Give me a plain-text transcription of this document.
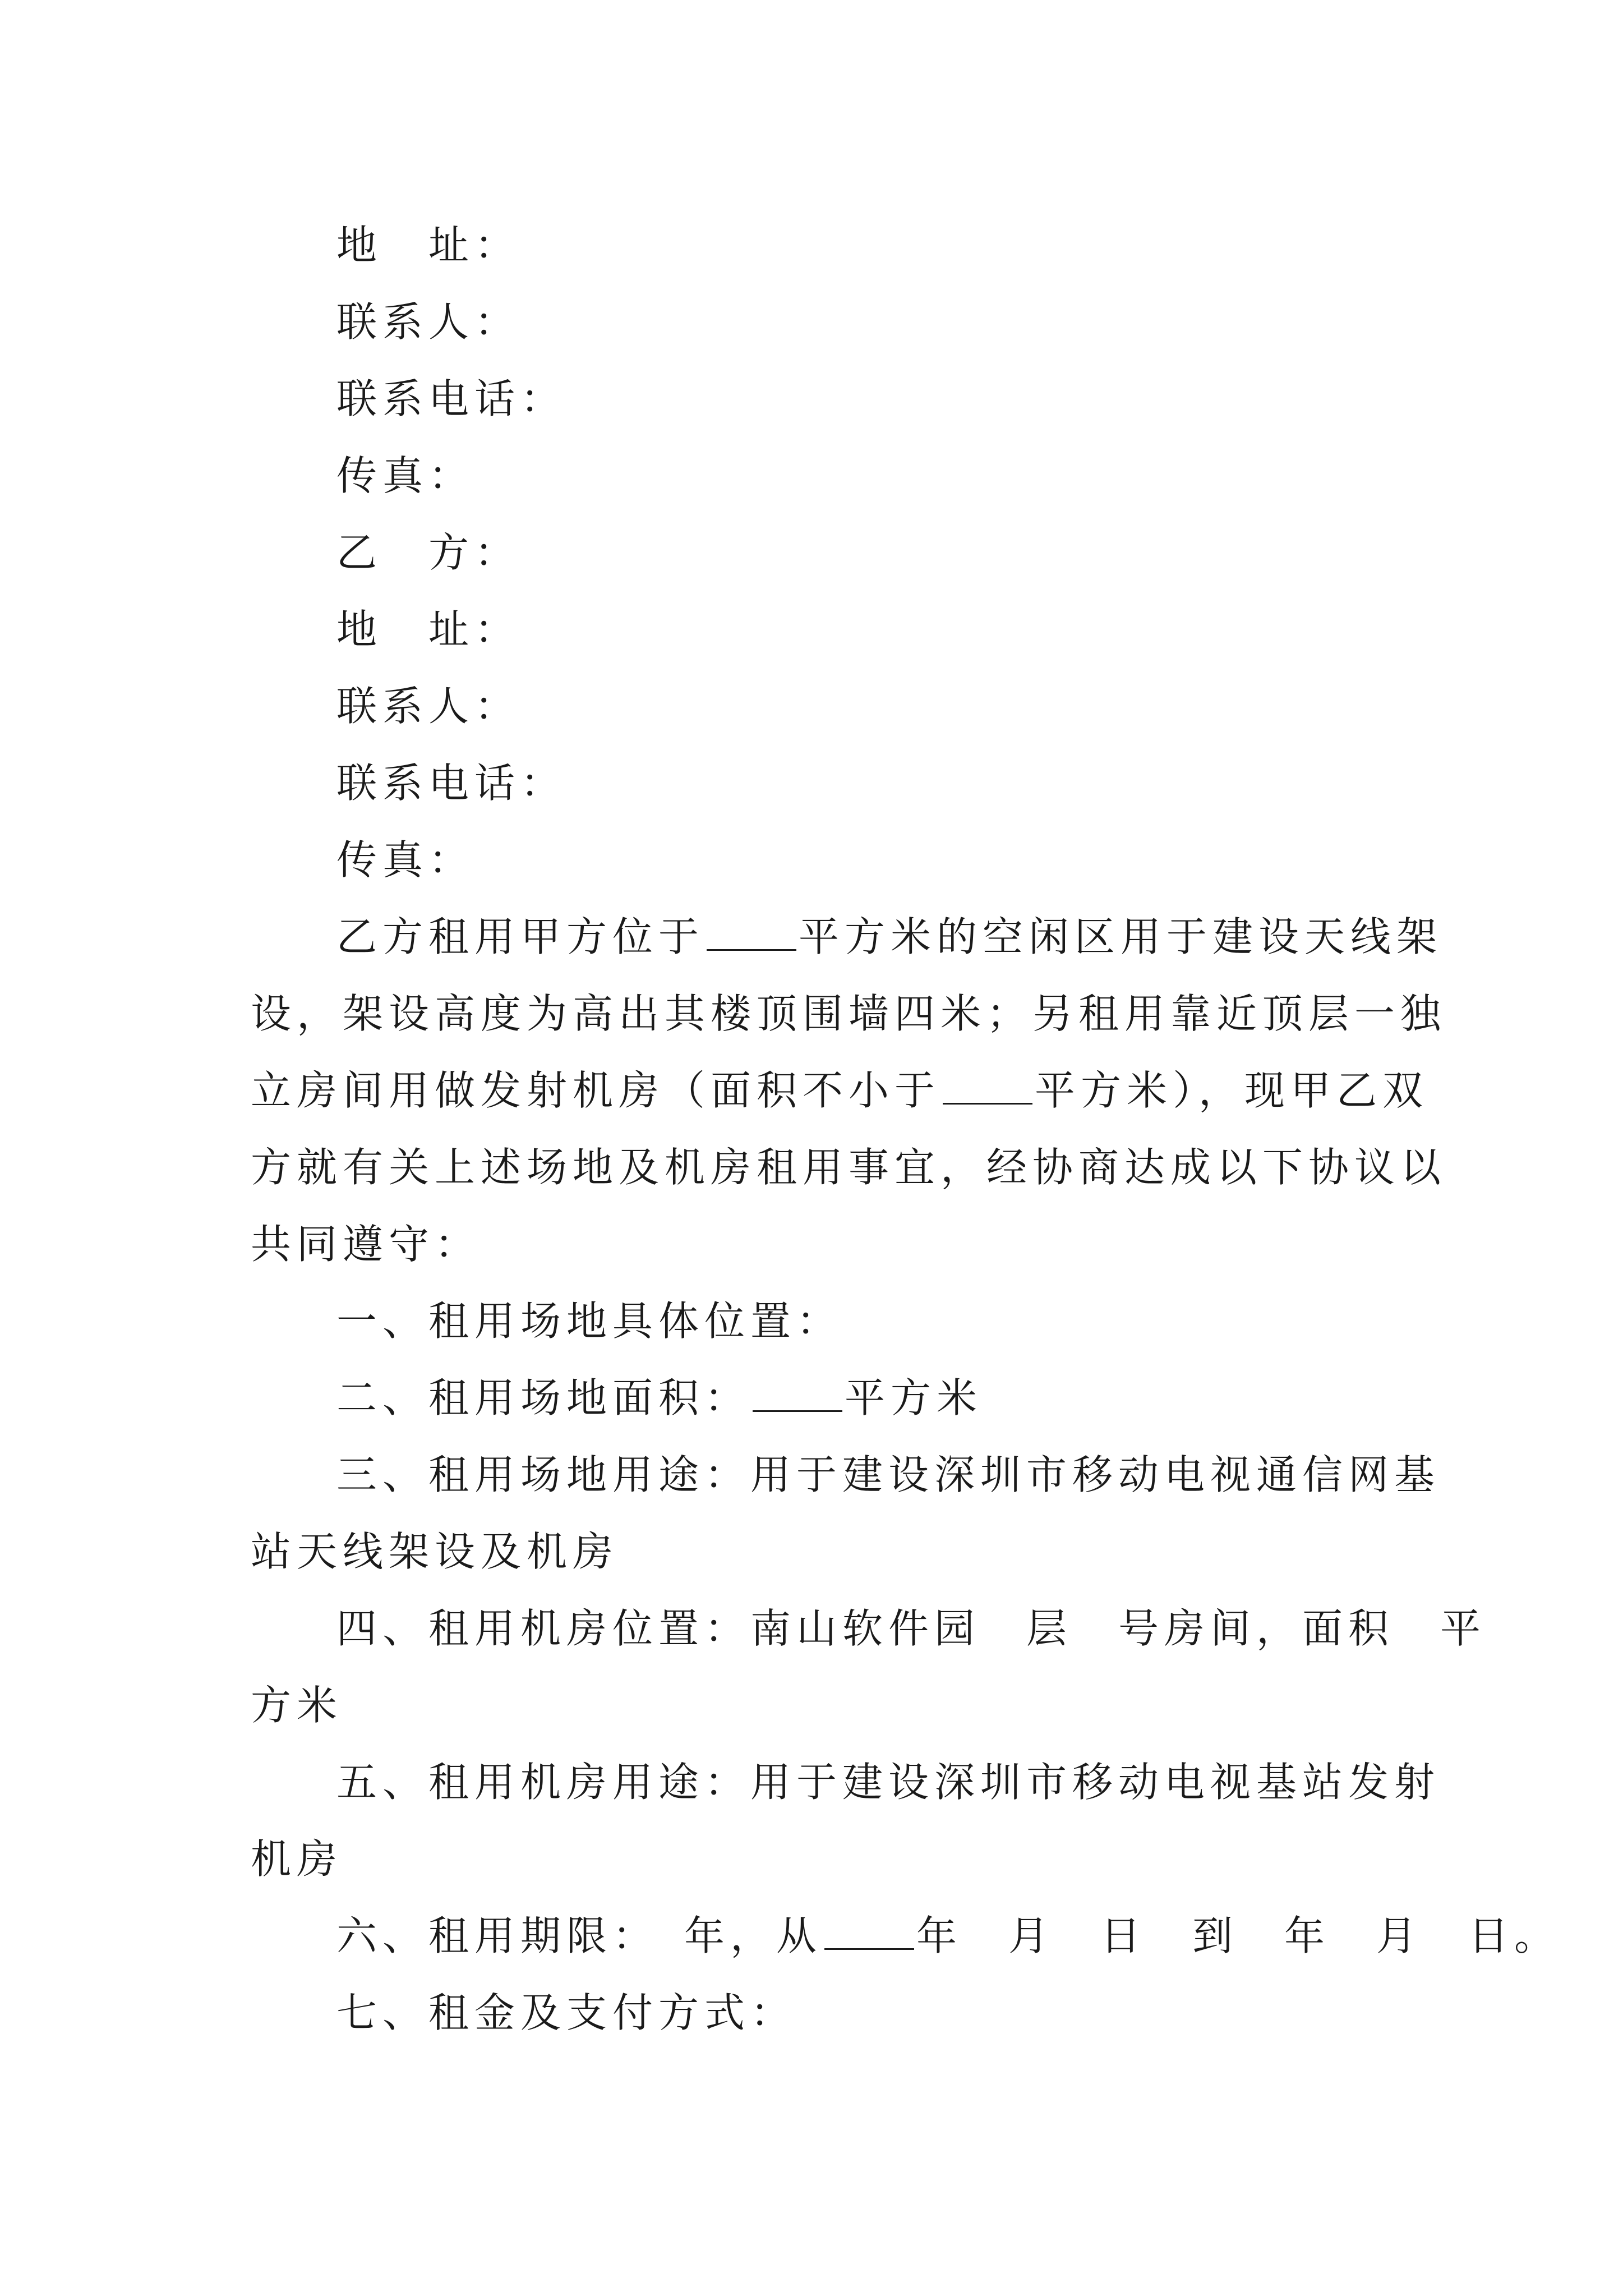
地　址：
联系人：
联系电话：
传真：
乙　方：
地　址：
联系人：
联系电话：
传真：
乙方租用甲方位于 平方米的空闲区用于建设天线架
设，架设高度为高出其楼顶围墙四米；另租用靠近顶层一独
立房间用做发射机房（面积不小于 平方米），现甲乙双
方就有关上述场地及机房租用事宜，经协商达成以下协议以
共同遵守：
一、租用场地具体位置：
二、租用场地面积： 平方米
三、租用场地用途：用于建设深圳市移动电视通信网基
站天线架设及机房
四、租用机房位置：南山软件园　层　号房间，面积　平
方米
五、租用机房用途：用于建设深圳市移动电视基站发射
机房
六、租用期限：　年，从 年　月　日　到　年　月　日。
七、租金及支付方式：
